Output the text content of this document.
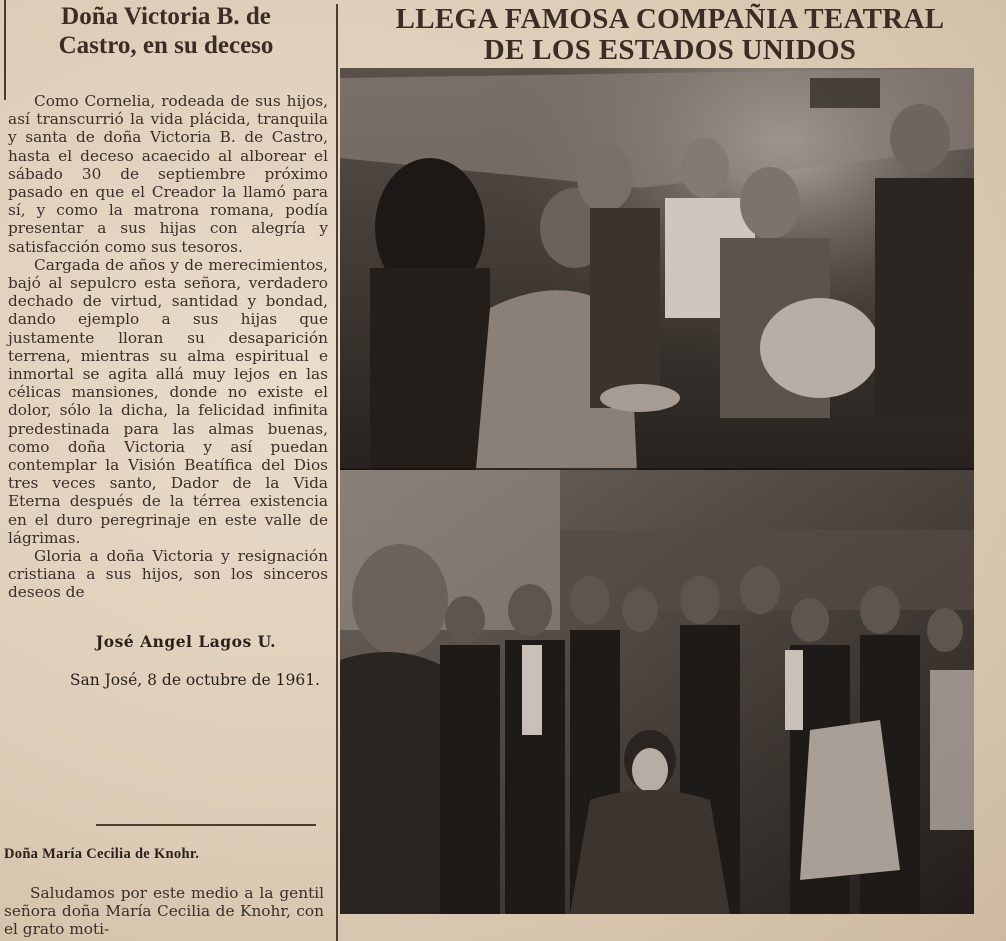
Doña Victoria B. de
Castro, en su deceso

Como Cornelia, rodeada de sus hijos, así transcurrió la vida plácida, tranquila y santa de doña Victoria B. de Castro, hasta el deceso acaecido al alborear el sábado 30 de septiembre próximo pasado en que el Creador la llamó para sí, y como la matrona romana, podía presentar a sus hijas con alegría y satisfacción como sus tesoros.

Cargada de años y de merecimientos, bajó al sepulcro esta señora, verdadero dechado de virtud, santidad y bondad, dando ejemplo a sus hijas que justamente lloran su desaparición terrena, mientras su alma espiritual e inmortal se agita allá muy lejos en las célicas mansiones, donde no existe el dolor, sólo la dicha, la felicidad infinita predestinada para las almas buenas, como doña Victoria y así puedan contemplar la Visión Beatífica del Dios tres veces santo, Dador de la Vida Eterna después de la térrea existencia en el duro peregrinaje en este valle de lágrimas.

Gloria a doña Victoria y resignación cristiana a sus hijos, son los sinceros deseos de

José Angel Lagos U.
San José, 8 de octubre de 1961.
Doña María Cecilia de Knohr.

Saludamos por este medio a la gentil señora doña María Cecilia de Knohr, con el grato moti-

LLEGA FAMOSA COMPAÑIA TEATRAL
DE LOS ESTADOS UNIDOS
